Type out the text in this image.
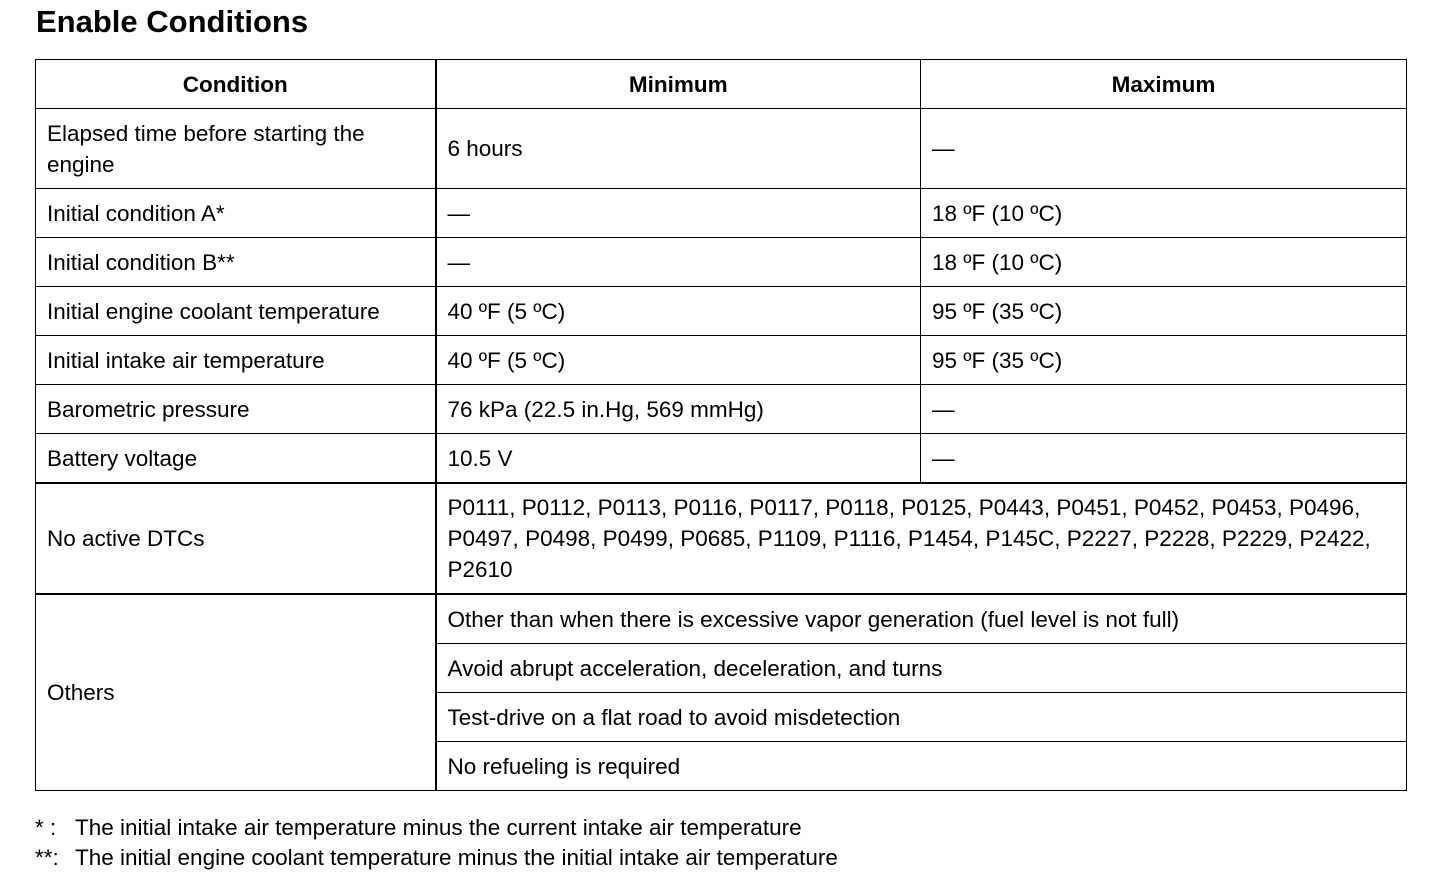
Enable Conditions
Condition	Minimum	Maximum
Elapsed time before starting the engine	6 hours	—
Initial condition A*	—	18 ºF (10 ºC)
Initial condition B**	—	18 ºF (10 ºC)
Initial engine coolant temperature	40 ºF (5 ºC)	95 ºF (35 ºC)
Initial intake air temperature	40 ºF (5 ºC)	95 ºF (35 ºC)
Barometric pressure	76 kPa (22.5 in.Hg, 569 mmHg)	—
Battery voltage	10.5 V	—
No active DTCs	P0111, P0112, P0113, P0116, P0117, P0118, P0125, P0443, P0451, P0452, P0453, P0496, P0497, P0498, P0499, P0685, P1109, P1116, P1454, P145C, P2227, P2228, P2229, P2422, P2610	
Others	Other than when there is excessive vapor generation (fuel level is not full)	
	Avoid abrupt acceleration, deceleration, and turns	
	Test-drive on a flat road to avoid misdetection	
	No refueling is required	
* : The initial intake air temperature minus the current intake air temperature
**: The initial engine coolant temperature minus the initial intake air temperature
